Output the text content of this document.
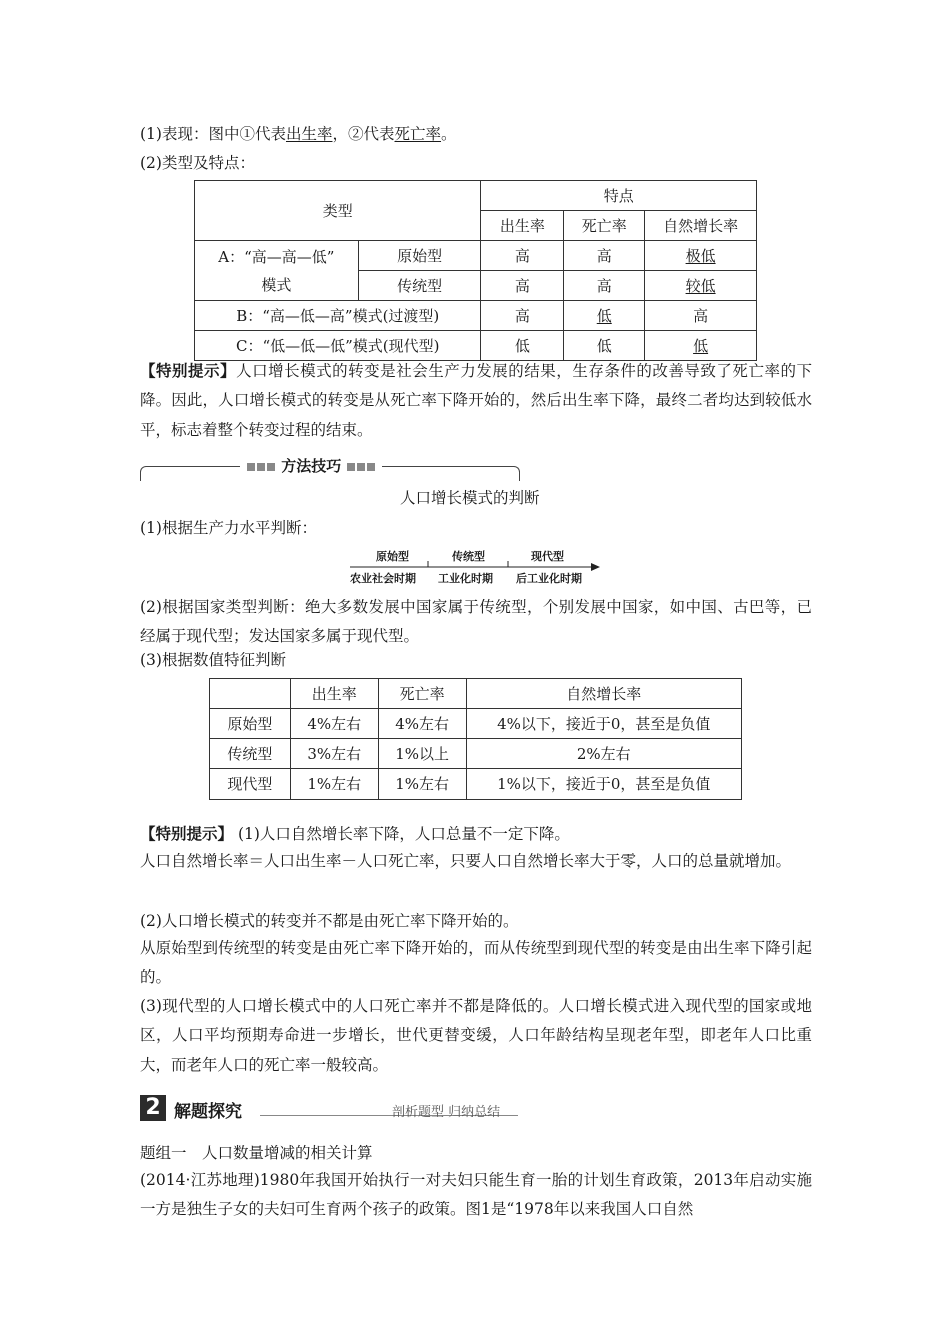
(1)表现：图中①代表出生率，②代表死亡率。
(2)类型及特点：
类型		特点		
		出生率	死亡率	自然增长率

A：“高—高—低”
模式	原始型	高	高	极低
	传统型	高	高	较低
B：“高—低—高”模式(过渡型)		高	低	高
C：“低—低—低”模式(现代型)		低	低	低
【特别提示】人口增长模式的转变是社会生产力发展的结果，生存条件的改善导致了死亡率的下降。因此，人口增长模式的转变是从死亡率下降开始的，然后出生率下降，最终二者均达到较低水平，标志着整个转变过程的结束。
方法技巧
人口增长模式的判断
(1)根据生产力水平判断：
原始型	传统型	现代型
农业社会时期 工业化时期 后工业化时期
(2)根据国家类型判断：绝大多数发展中国家属于传统型，个别发展中国家，如中国、古巴等，已经属于现代型；发达国家多属于现代型。
(3)根据数值特征判断
	出生率	死亡率	自然增长率
原始型	4%左右	4%左右	4%以下，接近于0，甚至是负值
传统型	3%左右	1%以上	2%左右
现代型	1%左右	1%左右	1%以下，接近于0，甚至是负值
【特别提示】 (1)人口自然增长率下降，人口总量不一定下降。
人口自然增长率＝人口出生率－人口死亡率，只要人口自然增长率大于零，人口的总量就增加。
(2)人口增长模式的转变并不都是由死亡率下降开始的。
从原始型到传统型的转变是由死亡率下降开始的，而从传统型到现代型的转变是由出生率下降引起的。
(3)现代型的人口增长模式中的人口死亡率并不都是降低的。人口增长模式进入现代型的国家或地区，人口平均预期寿命进一步增长，世代更替变缓，人口年龄结构呈现老年型，即老年人口比重大，而老年人口的死亡率一般较高。
2 解题探究	剖析题型 归纳总结
题组一　人口数量增减的相关计算
(2014·江苏地理)1980年我国开始执行一对夫妇只能生育一胎的计划生育政策，2013年启动实施一方是独生子女的夫妇可生育两个孩子的政策。图1是“1978年以来我国人口自然
